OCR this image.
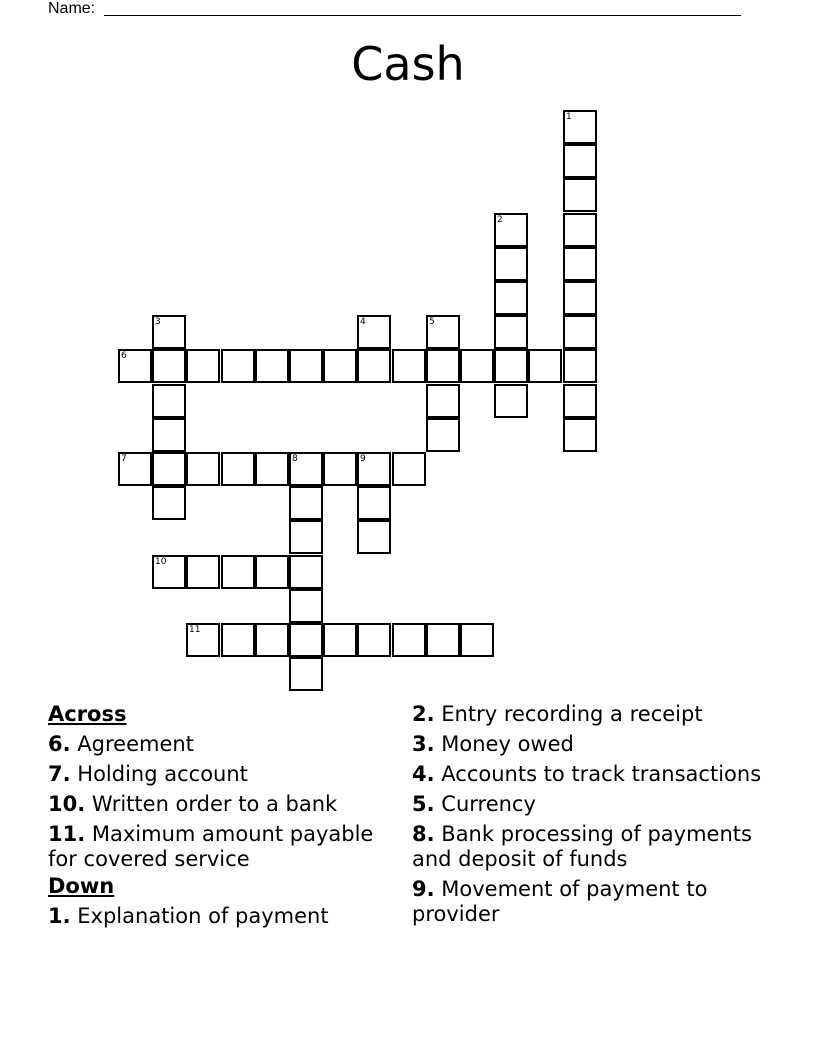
Name:
Cash
1
2
3	4	5
6
7	8	9
10
11
Across
6. Agreement
7. Holding account
10. Written order to a bank
11. Maximum amount payable for covered service
Down
1. Explanation of payment
2. Entry recording a receipt
3. Money owed
4. Accounts to track transactions
5. Currency
8. Bank processing of payments and deposit of funds
9. Movement of payment to provider
